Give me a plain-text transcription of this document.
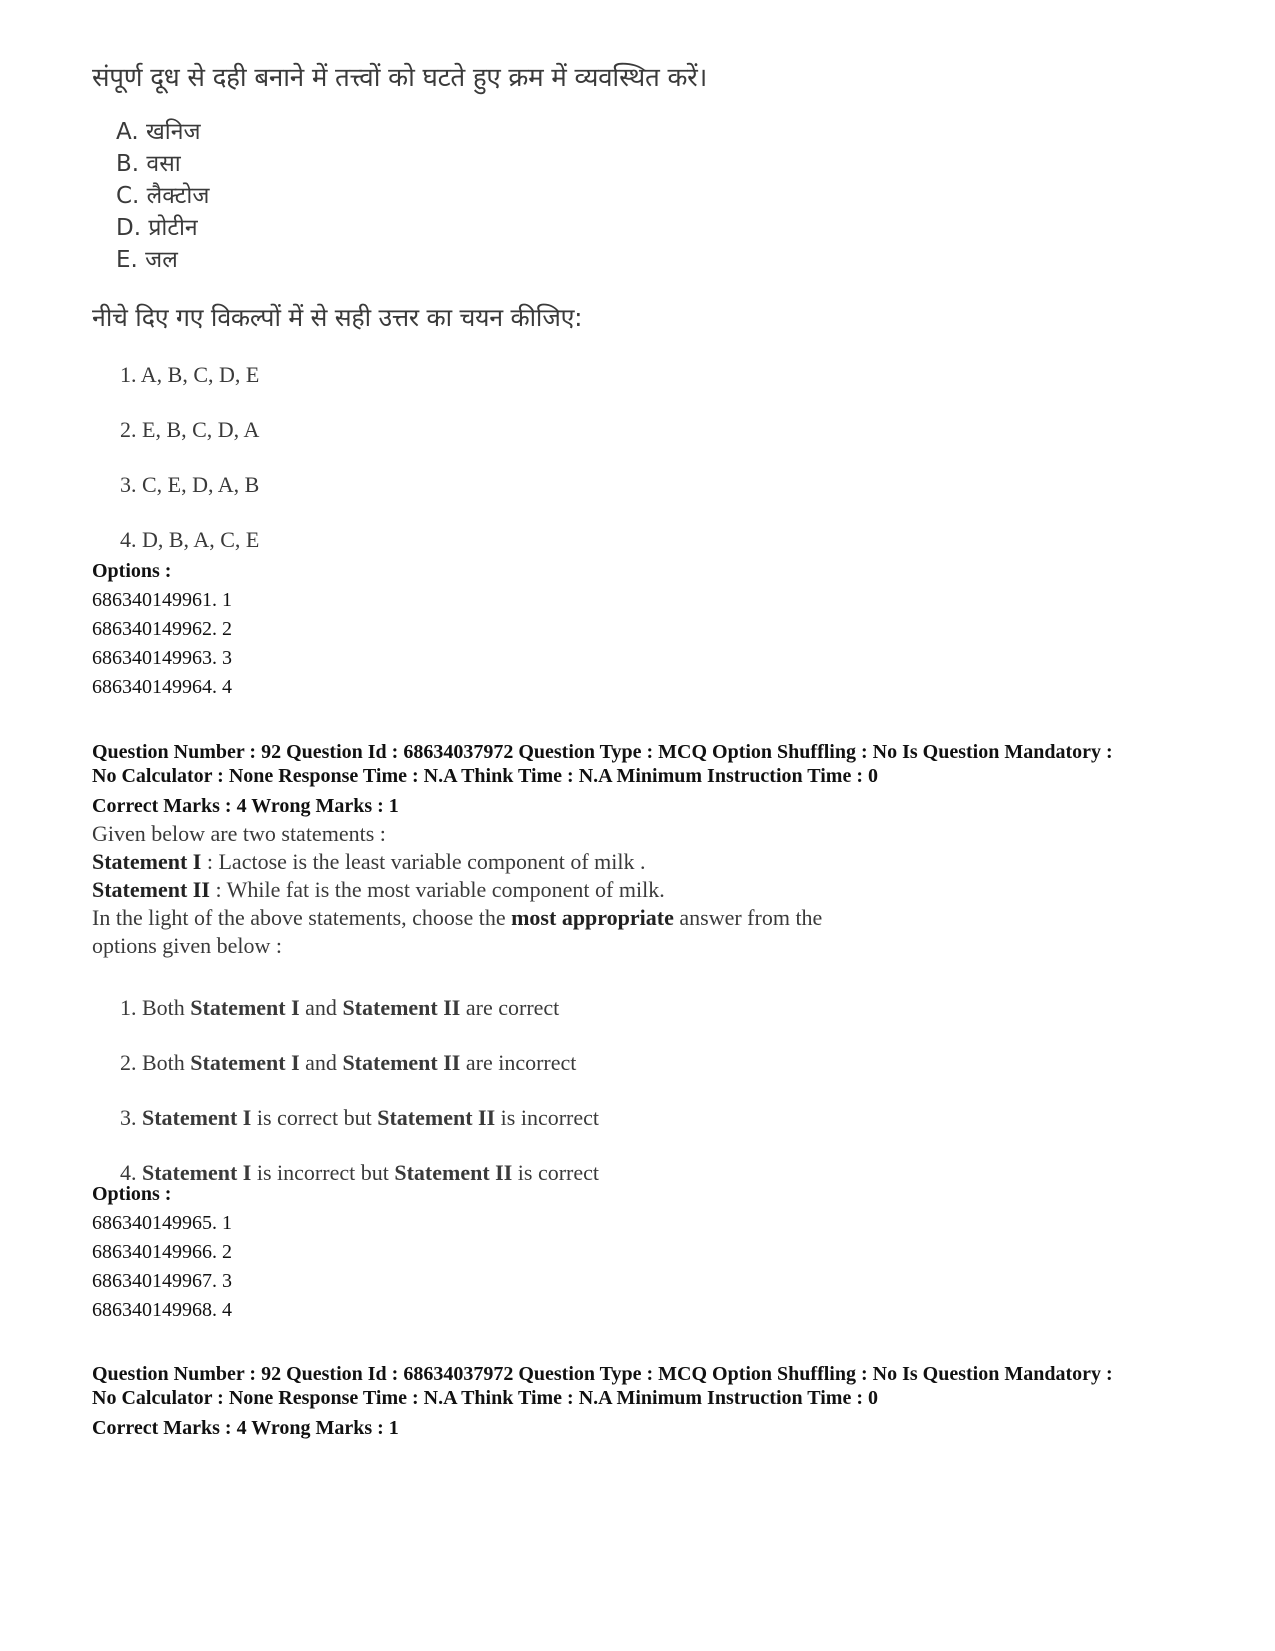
संपूर्ण दूध से दही बनाने में तत्त्वों को घटते हुए क्रम में व्यवस्थित करें।
A. खनिज
B. वसा
C. लैक्टोज
D. प्रोटीन
E. जल
नीचे दिए गए विकल्पों में से सही उत्तर का चयन कीजिए:
1. A, B, C, D, E
2. E, B, C, D, A
3. C, E, D, A, B
4. D, B, A, C, E
Options :
686340149961. 1
686340149962. 2
686340149963. 3
686340149964. 4
Question Number : 92 Question Id : 68634037972 Question Type : MCQ Option Shuffling : No Is Question Mandatory :
No Calculator : None Response Time : N.A Think Time : N.A Minimum Instruction Time : 0
Correct Marks : 4 Wrong Marks : 1
Given below are two statements :
Statement I : Lactose is the least variable component of milk .
Statement II : While fat is the most variable component of milk.
In the light of the above statements, choose the most appropriate answer from the
options given below :
1. Both Statement I and Statement II are correct
2. Both Statement I and Statement II are incorrect
3. Statement I is correct but Statement II is incorrect
4. Statement I is incorrect but Statement II is correct
Options :
686340149965. 1
686340149966. 2
686340149967. 3
686340149968. 4
Question Number : 92 Question Id : 68634037972 Question Type : MCQ Option Shuffling : No Is Question Mandatory :
No Calculator : None Response Time : N.A Think Time : N.A Minimum Instruction Time : 0
Correct Marks : 4 Wrong Marks : 1
